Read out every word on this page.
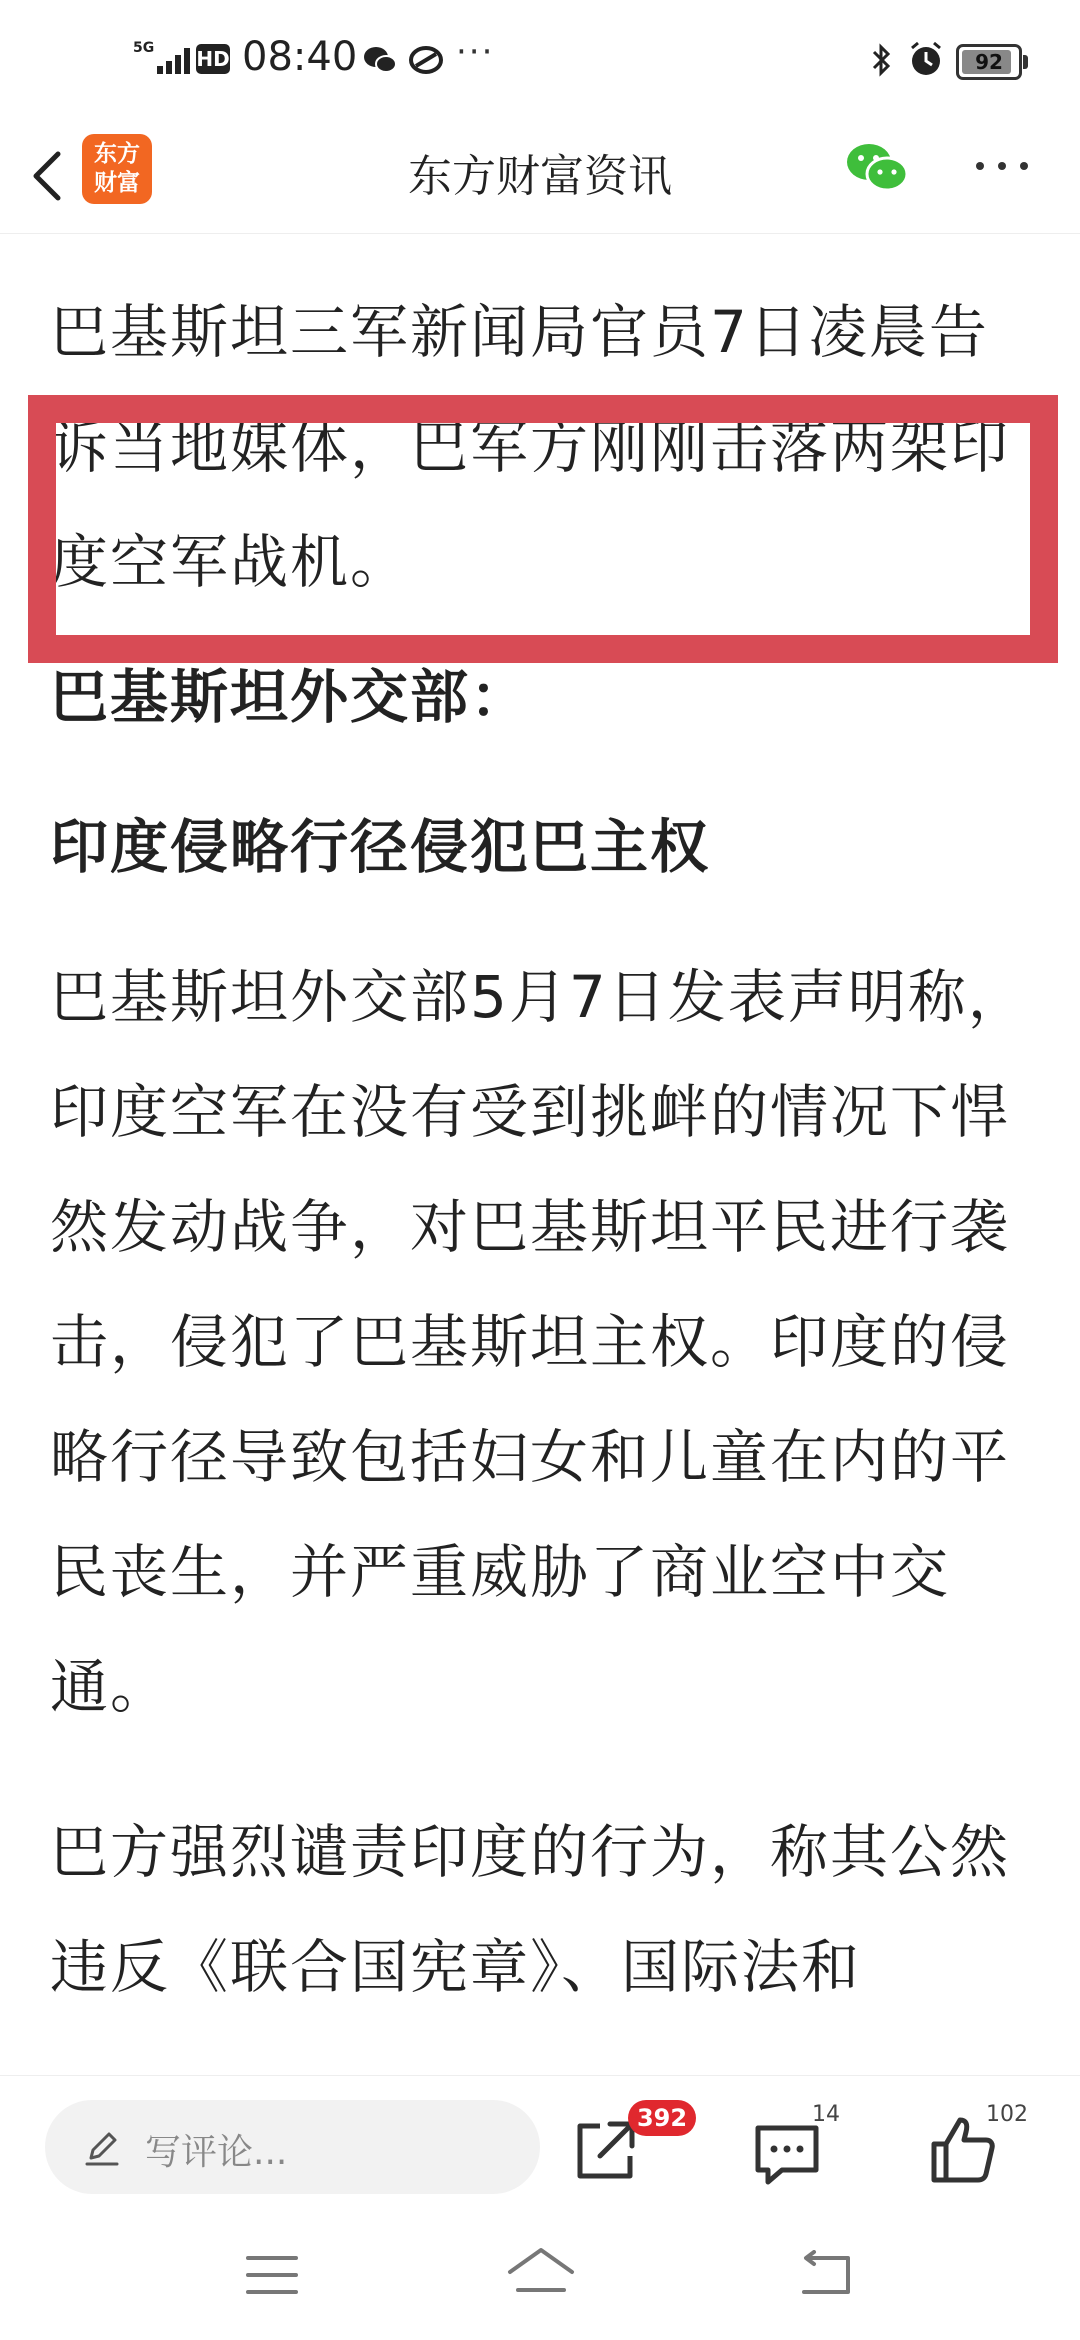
5G HD 08:40	···	92
东方
财富	东方财富资讯

巴基斯坦三军新闻局官员7日凌晨告诉当地媒体，巴军方刚刚击落两架印度空军战机。

巴基斯坦外交部：

印度侵略行径侵犯巴主权

巴基斯坦外交部5月7日发表声明称，印度空军在没有受到挑衅的情况下悍然发动战争，对巴基斯坦平民进行袭击，侵犯了巴基斯坦主权。印度的侵略行径导致包括妇女和儿童在内的平民丧生，并严重威胁了商业空中交通。

巴方强烈谴责印度的行为，称其公然违反《联合国宪章》、国际法和

写评论...
392	14	102
